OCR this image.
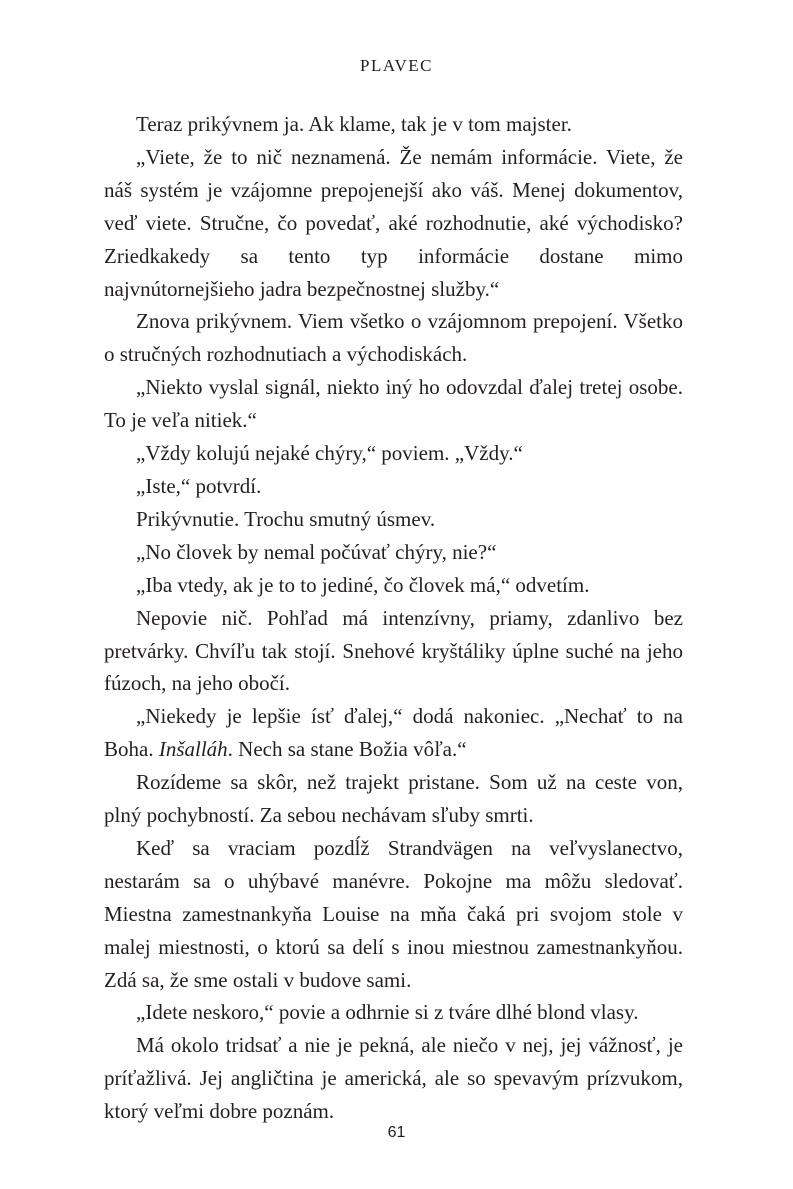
PLAVEC

Teraz prikývnem ja. Ak klame, tak je v tom majster.

„Viete, že to nič neznamená. Že nemám informácie. Viete, že náš systém je vzájomne prepojenejší ako váš. Menej dokumentov, veď viete. Stručne, čo povedať, aké rozhodnutie, aké východisko? Zriedkakedy sa tento typ informácie dostane mimo najvnútornejšieho jadra bezpečnostnej služby.“

Znova prikývnem. Viem všetko o vzájomnom prepojení. Všetko o stručných rozhodnutiach a východiskách.

„Niekto vyslal signál, niekto iný ho odovzdal ďalej tretej osobe. To je veľa nitiek.“

„Vždy kolujú nejaké chýry,“ poviem. „Vždy.“

„Iste,“ potvrdí.

Prikývnutie. Trochu smutný úsmev.

„No človek by nemal počúvať chýry, nie?“

„Iba vtedy, ak je to to jediné, čo človek má,“ odvetím.

Nepovie nič. Pohľad má intenzívny, priamy, zdanlivo bez pretvárky. Chvíľu tak stojí. Snehové kryštáliky úplne suché na jeho fúzoch, na jeho obočí.

„Niekedy je lepšie ísť ďalej,“ dodá nakoniec. „Nechať to na Boha. Inšalláh. Nech sa stane Božia vôľa.“

Rozídeme sa skôr, než trajekt pristane. Som už na ceste von, plný pochybností. Za sebou nechávam sľuby smrti.

Keď sa vraciam pozdĺž Strandvägen na veľvyslanectvo, nestarám sa o uhýbavé manévre. Pokojne ma môžu sledovať. Miestna zamestnankyňa Louise na mňa čaká pri svojom stole v malej miestnosti, o ktorú sa delí s inou miestnou zamestnankyňou. Zdá sa, že sme ostali v budove sami.

„Idete neskoro,“ povie a odhrnie si z tváre dlhé blond vlasy.

Má okolo tridsať a nie je pekná, ale niečo v nej, jej vážnosť, je príťažlivá. Jej angličtina je americká, ale so spevavým prízvukom, ktorý veľmi dobre poznám.

61
